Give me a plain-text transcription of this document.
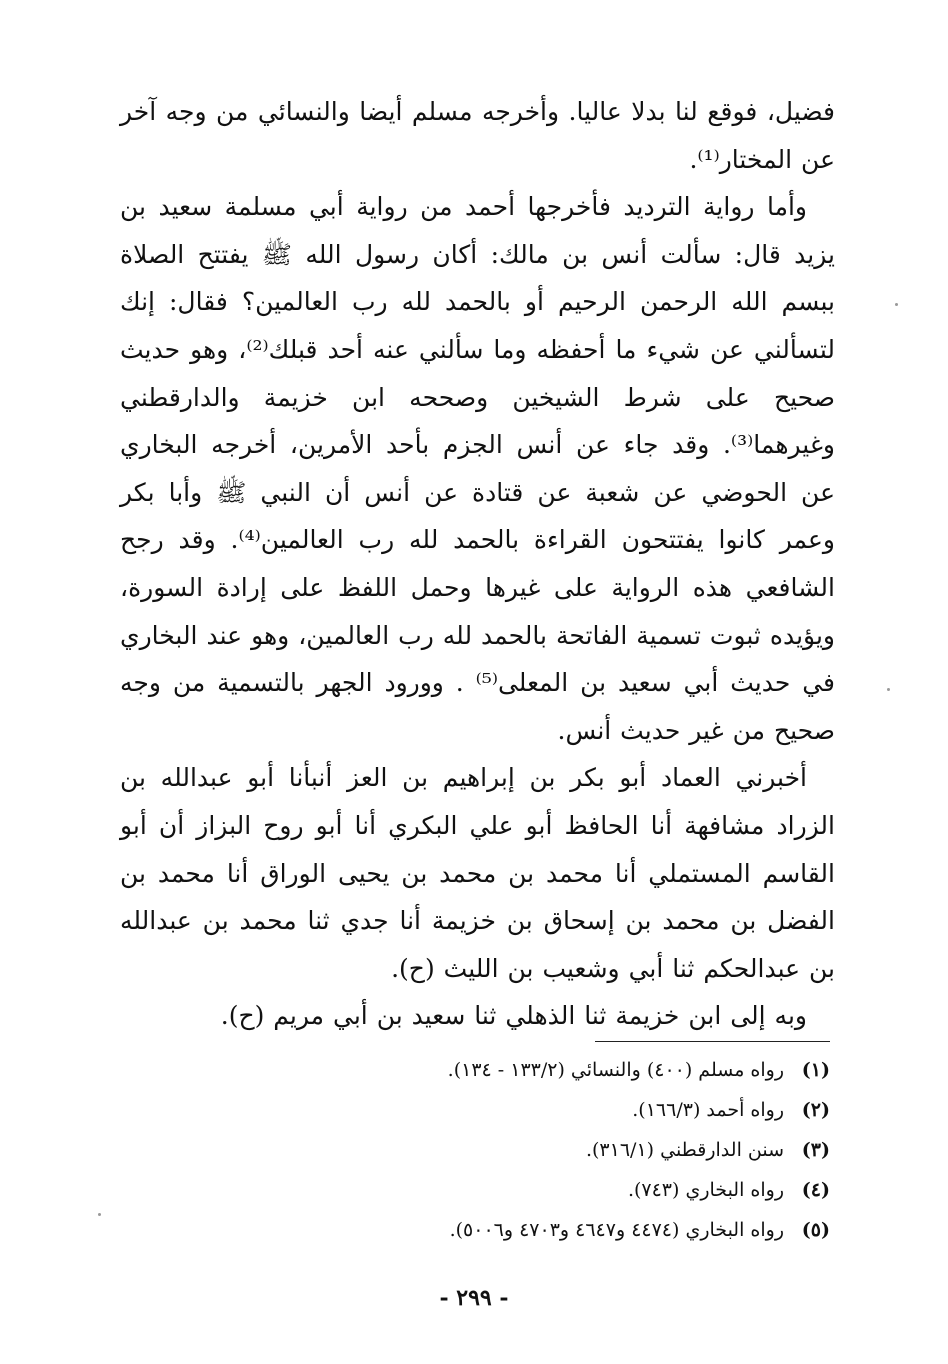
فضيل، فوقع لنا بدلا عاليا. وأخرجه مسلم أيضا والنسائي من وجه آخر عن المختار⁽¹⁾.

وأما رواية الترديد فأخرجها أحمد من رواية أبي مسلمة سعيد بن يزيد قال: سألت أنس بن مالك: أكان رسول الله ﷺ يفتتح الصلاة ببسم الله الرحمن الرحيم أو بالحمد لله رب العالمين؟ فقال: إنك لتسألني عن شيء ما أحفظه وما سألني عنه أحد قبلك⁽²⁾، وهو حديث صحيح على شرط الشيخين وصححه ابن خزيمة والدارقطني وغيرهما⁽³⁾. وقد جاء عن أنس الجزم بأحد الأمرين، أخرجه البخاري عن الحوضي عن شعبة عن قتادة عن أنس أن النبي ﷺ وأبا بكر وعمر كانوا يفتتحون القراءة بالحمد لله رب العالمين⁽⁴⁾. وقد رجح الشافعي هذه الرواية على غيرها وحمل اللفظ على إرادة السورة، ويؤيده ثبوت تسمية الفاتحة بالحمد لله رب العالمين، وهو عند البخاري في حديث أبي سعيد بن المعلى⁽⁵⁾ . وورود الجهر بالتسمية من وجه صحيح من غير حديث أنس.

أخبرني العماد أبو بكر بن إبراهيم بن العز أنبأنا أبو عبدالله بن الزراد مشافهة أنا الحافظ أبو علي البكري أنا أبو روح البزاز أن أبو القاسم المستملي أنا محمد بن محمد بن يحيى الوراق أنا محمد بن الفضل بن محمد بن إسحاق بن خزيمة أنا جدي ثنا محمد بن عبدالله بن عبدالحكم ثنا أبي وشعيب بن الليث (ح).

وبه إلى ابن خزيمة ثنا الذهلي ثنا سعيد بن أبي مريم (ح).

(١)
رواه مسلم (٤٠٠) والنسائي (١٣٣/٢ - ١٣٤).
(٢)
رواه أحمد (١٦٦/٣).
(٣)
سنن الدارقطني (٣١٦/١).
(٤)
رواه البخاري (٧٤٣).
(٥)
رواه البخاري (٤٤٧٤ و٤٦٤٧ و٤٧٠٣ و٥٠٠٦).
- ٢٩٩ -
